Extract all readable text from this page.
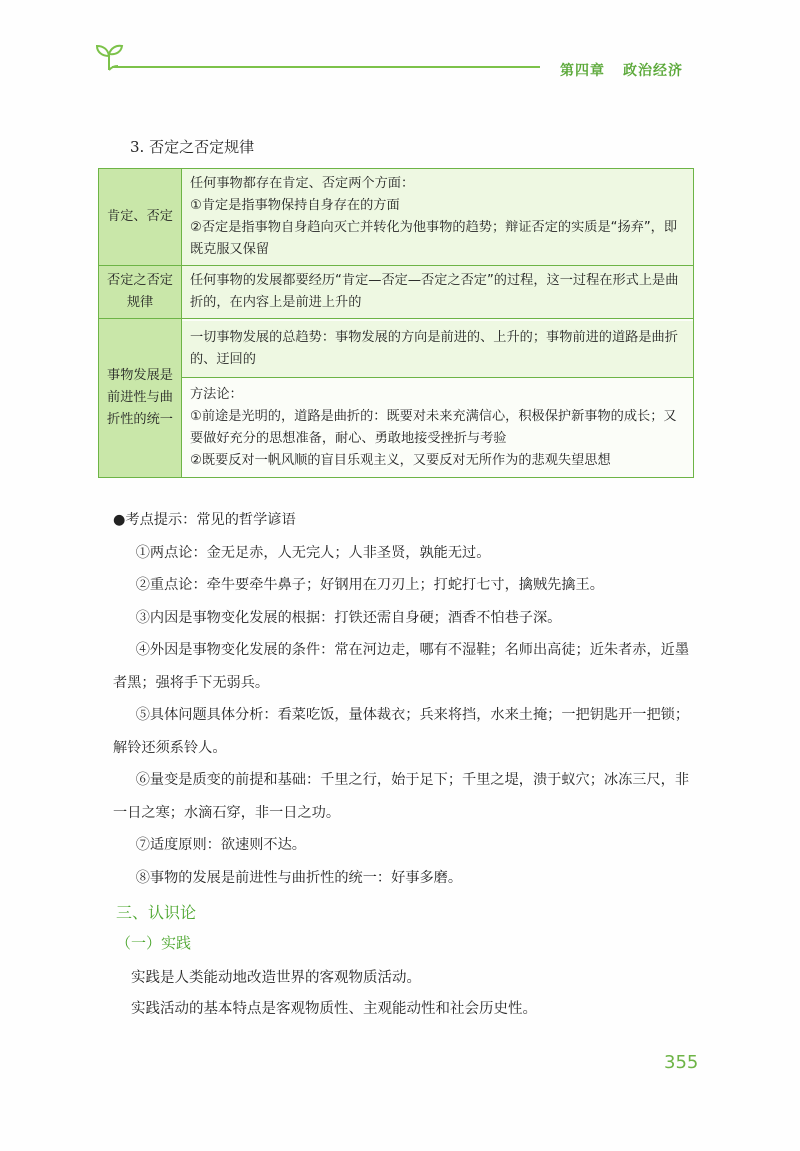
第四章 政治经济
3. 否定之否定规律
肯定、否定	任何事物都存在肯定、否定两个方面：
①肯定是指事物保持自身存在的方面
②否定是指事物自身趋向灭亡并转化为他事物的趋势；辩证否定的实质是“扬弃”，即既克服又保留

否定之否定规律	任何事物的发展都要经历“肯定—否定—否定之否定”的过程，这一过程在形式上是曲折的，在内容上是前进上升的

事物发展是前进性与曲折性的统一	一切事物发展的总趋势：事物发展的方向是前进的、上升的；事物前进的道路是曲折的、迂回的
方法论：
①前途是光明的，道路是曲折的：既要对未来充满信心，积极保护新事物的成长；又要做好充分的思想准备，耐心、勇敢地接受挫折与考验
②既要反对一帆风顺的盲目乐观主义，又要反对无所作为的悲观失望思想

●考点提示：常见的哲学谚语

①两点论：金无足赤，人无完人；人非圣贤，孰能无过。

②重点论：牵牛要牵牛鼻子；好钢用在刀刃上；打蛇打七寸，擒贼先擒王。

③内因是事物变化发展的根据：打铁还需自身硬；酒香不怕巷子深。

④外因是事物变化发展的条件：常在河边走，哪有不湿鞋；名师出高徒；近朱者赤，近墨者黑；强将手下无弱兵。

⑤具体问题具体分析：看菜吃饭，量体裁衣；兵来将挡，水来土掩；一把钥匙开一把锁；解铃还须系铃人。

⑥量变是质变的前提和基础：千里之行，始于足下；千里之堤，溃于蚁穴；冰冻三尺，非一日之寒；水滴石穿，非一日之功。

⑦适度原则：欲速则不达。

⑧事物的发展是前进性与曲折性的统一：好事多磨。

三、认识论
（一）实践
实践是人类能动地改造世界的客观物质活动。
实践活动的基本特点是客观物质性、主观能动性和社会历史性。
355
